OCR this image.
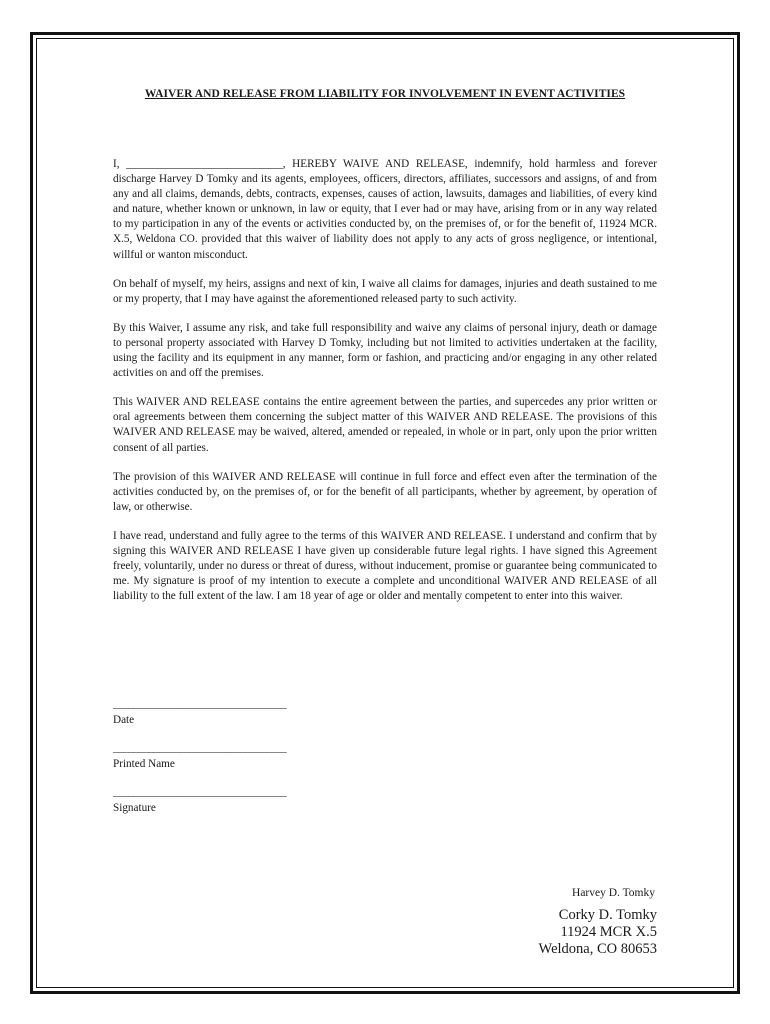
WAIVER AND RELEASE FROM LIABILITY FOR INVOLVEMENT IN EVENT ACTIVITIES

I, ____________________________, HEREBY WAIVE AND RELEASE, indemnify, hold harmless and forever discharge Harvey D Tomky and its agents, employees, officers, directors, affiliates, successors and assigns, of and from any and all claims, demands, debts, contracts, expenses, causes of action, lawsuits, damages and liabilities, of every kind and nature, whether known or unknown, in law or equity, that I ever had or may have, arising from or in any way related to my participation in any of the events or activities conducted by, on the premises of, or for the benefit of, 11924 MCR. X.5, Weldona CO. provided that this waiver of liability does not apply to any acts of gross negligence, or intentional, willful or wanton misconduct.

On behalf of myself, my heirs, assigns and next of kin, I waive all claims for damages, injuries and death sustained to me or my property, that I may have against the aforementioned released party to such activity.

By this Waiver, I assume any risk, and take full responsibility and waive any claims of personal injury, death or damage to personal property associated with Harvey D Tomky, including but not limited to activities undertaken at the facility, using the facility and its equipment in any manner, form or fashion, and practicing and/or engaging in any other related activities on and off the premises.

This WAIVER AND RELEASE contains the entire agreement between the parties, and supercedes any prior written or oral agreements between them concerning the subject matter of this WAIVER AND RELEASE. The provisions of this WAIVER AND RELEASE may be waived, altered, amended or repealed, in whole or in part, only upon the prior written consent of all parties.

The provision of this WAIVER AND RELEASE will continue in full force and effect even after the termination of the activities conducted by, on the premises of, or for the benefit of all participants, whether by agreement, by operation of law, or otherwise.

I have read, understand and fully agree to the terms of this WAIVER AND RELEASE. I understand and confirm that by signing this WAIVER AND RELEASE I have given up considerable future legal rights. I have signed this Agreement freely, voluntarily, under no duress or threat of duress, without inducement, promise or guarantee being communicated to me. My signature is proof of my intention to execute a complete and unconditional WAIVER AND RELEASE of all liability to the full extent of the law. I am 18 year of age or older and mentally competent to enter into this waiver.

__________________________________
Date
__________________________________
Printed Name
__________________________________
Signature
Harvey D. Tomky
Corky D. Tomky
11924 MCR X.5
Weldona, CO 80653
